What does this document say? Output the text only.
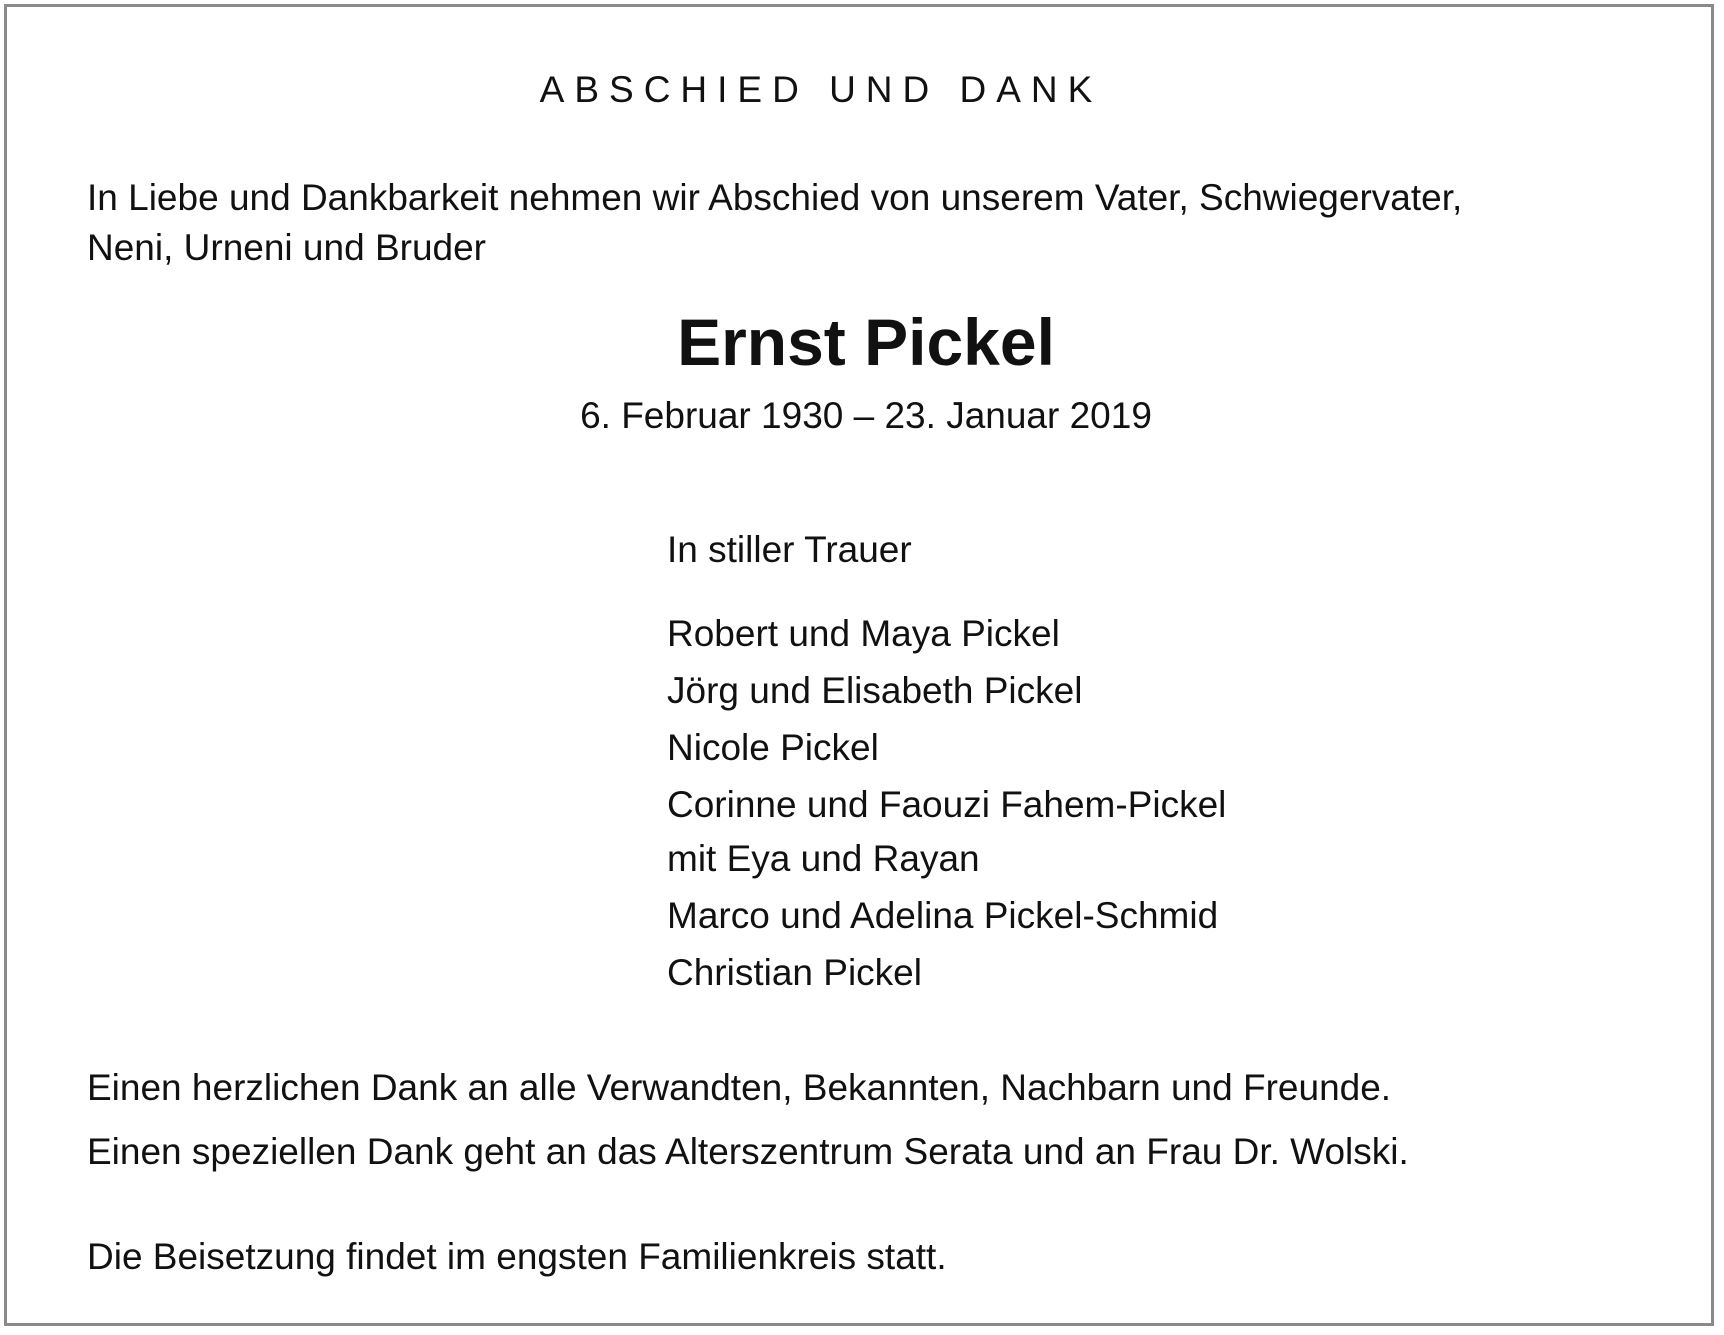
ABSCHIED UND DANK

In Liebe und Dankbarkeit nehmen wir Abschied von unserem Vater, Schwiegervater,
Neni, Urneni und Bruder

Ernst Pickel
6. Februar 1930 – 23. Januar 2019
In stiller Trauer
Robert und Maya Pickel
Jörg und Elisabeth Pickel
Nicole Pickel
Corinne und Faouzi Fahem-Pickel
mit Eya und Rayan
Marco und Adelina Pickel-Schmid
Christian Pickel

Einen herzlichen Dank an alle Verwandten, Bekannten, Nachbarn und Freunde.

Einen speziellen Dank geht an das Alterszentrum Serata und an Frau Dr. Wolski.

Die Beisetzung findet im engsten Familienkreis statt.
